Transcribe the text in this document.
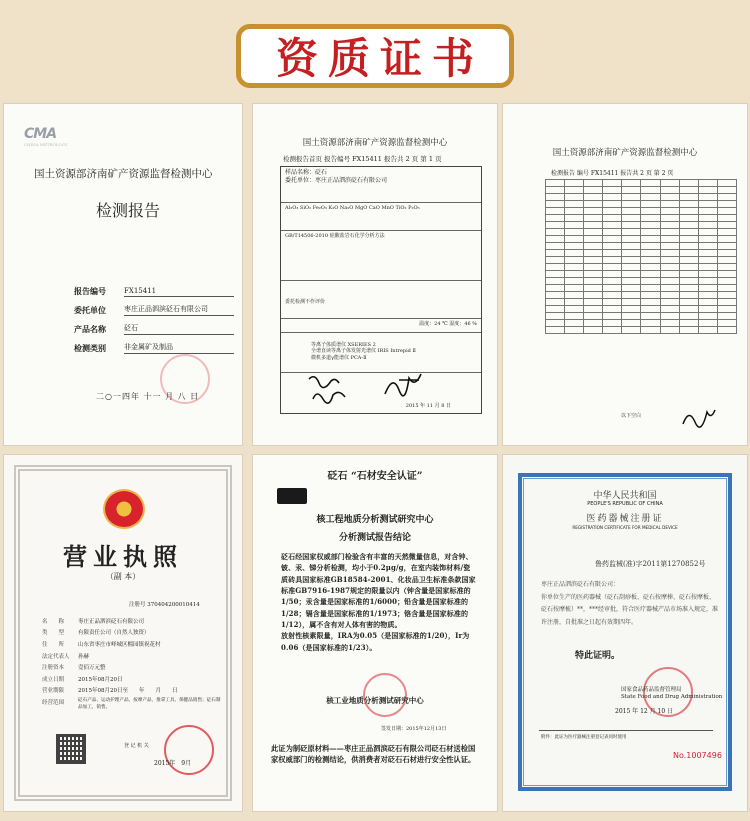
资质证书
CMA
CHINA METROLOGY
国土资源部济南矿产资源监督检测中心
检测报告
报告编号	FX15411
委托单位	枣庄正品泗滨砭石有限公司
产品名称	砭石
检测类别	非金属矿及制品
二○一四年 十一 月 八 日
国土资源部济南矿产资源监督检测中心
检测报告首页 报告编号 FX15411 报告共 2 页 第 1 页
样品名称：砭石
委托单位：枣庄正品泗滨砭石有限公司
Al₂O₃ SiO₂ Fe₂O₃ K₂O Na₂O MgO CaO MnO TiO₂ P₂O₅
GB/T14506-2010 硅酸盐岩石化学分析方法
委托检测不作评价
温度：24 ℃ 湿度：46 %

等离子体质谱仪 XSERIES 2
全谱直读等离子体发射光谱仪 IRIS Intrepid Ⅱ
微机多道γ能谱仪 PCA-Ⅱ

2015 年 11 月 8 日
国土资源部济南矿产资源监督检测中心
检测报告 编号 FX15411 报告共 2 页 第 2 页

以下空白
营业执照
（副 本）
注册号 370404200010414
名　　称	枣庄正品泗滨砭石有限公司
类　　型	有限责任公司（自然人独资）
住　　所	山东省枣庄市峄城区榴园镇祝花村
法定代表人	孙赫
注册资本	壹佰万元整
成立日期	2015年08月20日
营业期限	2015年08月20日至　　年　　月　　日
经营范围	砭石产品、运动护理产品、按摩产品、推拿工具、保健品销售；砭石制品加工、销售。
登 记 机 关
2015年　9月
砭石 “石材安全认证”
核工程地质分析测试研究中心
分析测试报告结论
砭石经国家权威部门检验含有丰富的天然微量信息，对含钟、铍、汞、锑分析检测，均小于0.2μg/g，在室内装饰材料/瓷质砖具国家标准GB18584-2001、化妆品卫生标准条款国家标准GB7916-1987规定的限量以内（钟含量是国家标准的1/50；汞含量是国家标准的1/6000；铅含量是国家标准的1/28；镉含量是国家标准的1/1973；铬含量是国家标准的1/12），属不含有对人体有害的物质。
放射性核素限量，IRA为0.05（是国家标准的1/20），Ir为0.06（是国家标准的1/23）。
核工业地质分析测试研究中心
签发日期：2015年12月13日
此证为制砭原材料——枣庄正品泗滨砭石有限公司砭石材送检国家权威部门的检测结论，供消费者对砭石石材进行安全性认证。
中华人民共和国
PEOPLE'S REPUBLIC OF CHINA
医药器械注册证
REGISTRATION CERTIFICATE FOR MEDICAL DEVICE
鲁药监械(准)字2011第1270852号
枣庄正品泗滨砭石有限公司：
你单位生产的医药器械（砭石刮痧板、砭石按摩棒、砭石按摩板、砭石按摩梳）**，***经审批，符合医疗器械产品市场准入规定，准许注册，自批准之日起有效期四年。
特此证明。
国家食品药品监督管理局
State Food and Drug Administration
2015 年 12 月 10 日
附件：此证为医疗器械注册登记表同时使用
No.1007496
